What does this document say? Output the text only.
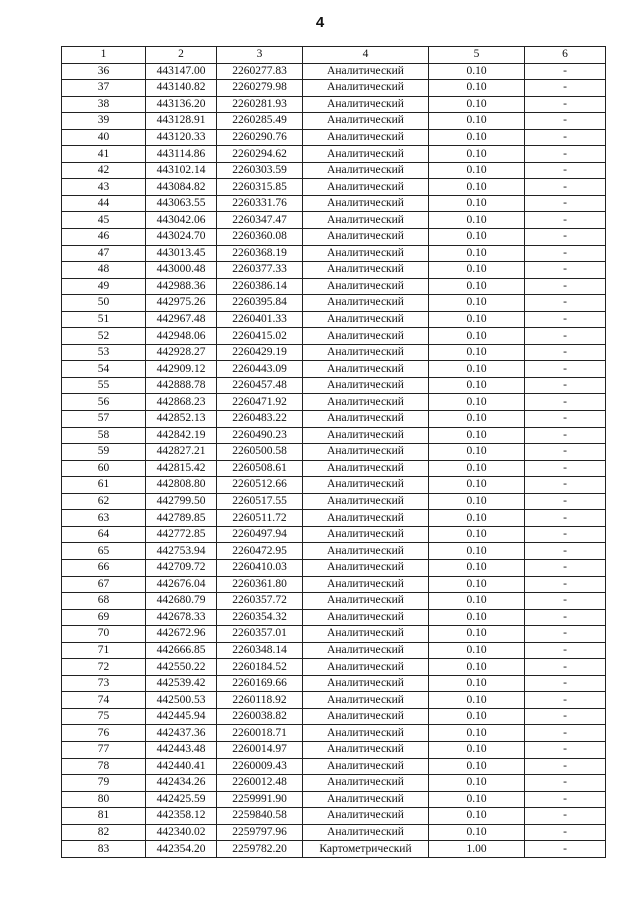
4
1	2	3	4	5	6
36	443147.00	2260277.83	Аналитический	0.10	-
37	443140.82	2260279.98	Аналитический	0.10	-
38	443136.20	2260281.93	Аналитический	0.10	-
39	443128.91	2260285.49	Аналитический	0.10	-
40	443120.33	2260290.76	Аналитический	0.10	-
41	443114.86	2260294.62	Аналитический	0.10	-
42	443102.14	2260303.59	Аналитический	0.10	-
43	443084.82	2260315.85	Аналитический	0.10	-
44	443063.55	2260331.76	Аналитический	0.10	-
45	443042.06	2260347.47	Аналитический	0.10	-
46	443024.70	2260360.08	Аналитический	0.10	-
47	443013.45	2260368.19	Аналитический	0.10	-
48	443000.48	2260377.33	Аналитический	0.10	-
49	442988.36	2260386.14	Аналитический	0.10	-
50	442975.26	2260395.84	Аналитический	0.10	-
51	442967.48	2260401.33	Аналитический	0.10	-
52	442948.06	2260415.02	Аналитический	0.10	-
53	442928.27	2260429.19	Аналитический	0.10	-
54	442909.12	2260443.09	Аналитический	0.10	-
55	442888.78	2260457.48	Аналитический	0.10	-
56	442868.23	2260471.92	Аналитический	0.10	-
57	442852.13	2260483.22	Аналитический	0.10	-
58	442842.19	2260490.23	Аналитический	0.10	-
59	442827.21	2260500.58	Аналитический	0.10	-
60	442815.42	2260508.61	Аналитический	0.10	-
61	442808.80	2260512.66	Аналитический	0.10	-
62	442799.50	2260517.55	Аналитический	0.10	-
63	442789.85	2260511.72	Аналитический	0.10	-
64	442772.85	2260497.94	Аналитический	0.10	-
65	442753.94	2260472.95	Аналитический	0.10	-
66	442709.72	2260410.03	Аналитический	0.10	-
67	442676.04	2260361.80	Аналитический	0.10	-
68	442680.79	2260357.72	Аналитический	0.10	-
69	442678.33	2260354.32	Аналитический	0.10	-
70	442672.96	2260357.01	Аналитический	0.10	-
71	442666.85	2260348.14	Аналитический	0.10	-
72	442550.22	2260184.52	Аналитический	0.10	-
73	442539.42	2260169.66	Аналитический	0.10	-
74	442500.53	2260118.92	Аналитический	0.10	-
75	442445.94	2260038.82	Аналитический	0.10	-
76	442437.36	2260018.71	Аналитический	0.10	-
77	442443.48	2260014.97	Аналитический	0.10	-
78	442440.41	2260009.43	Аналитический	0.10	-
79	442434.26	2260012.48	Аналитический	0.10	-
80	442425.59	2259991.90	Аналитический	0.10	-
81	442358.12	2259840.58	Аналитический	0.10	-
82	442340.02	2259797.96	Аналитический	0.10	-
83	442354.20	2259782.20	Картометрический	1.00	-
